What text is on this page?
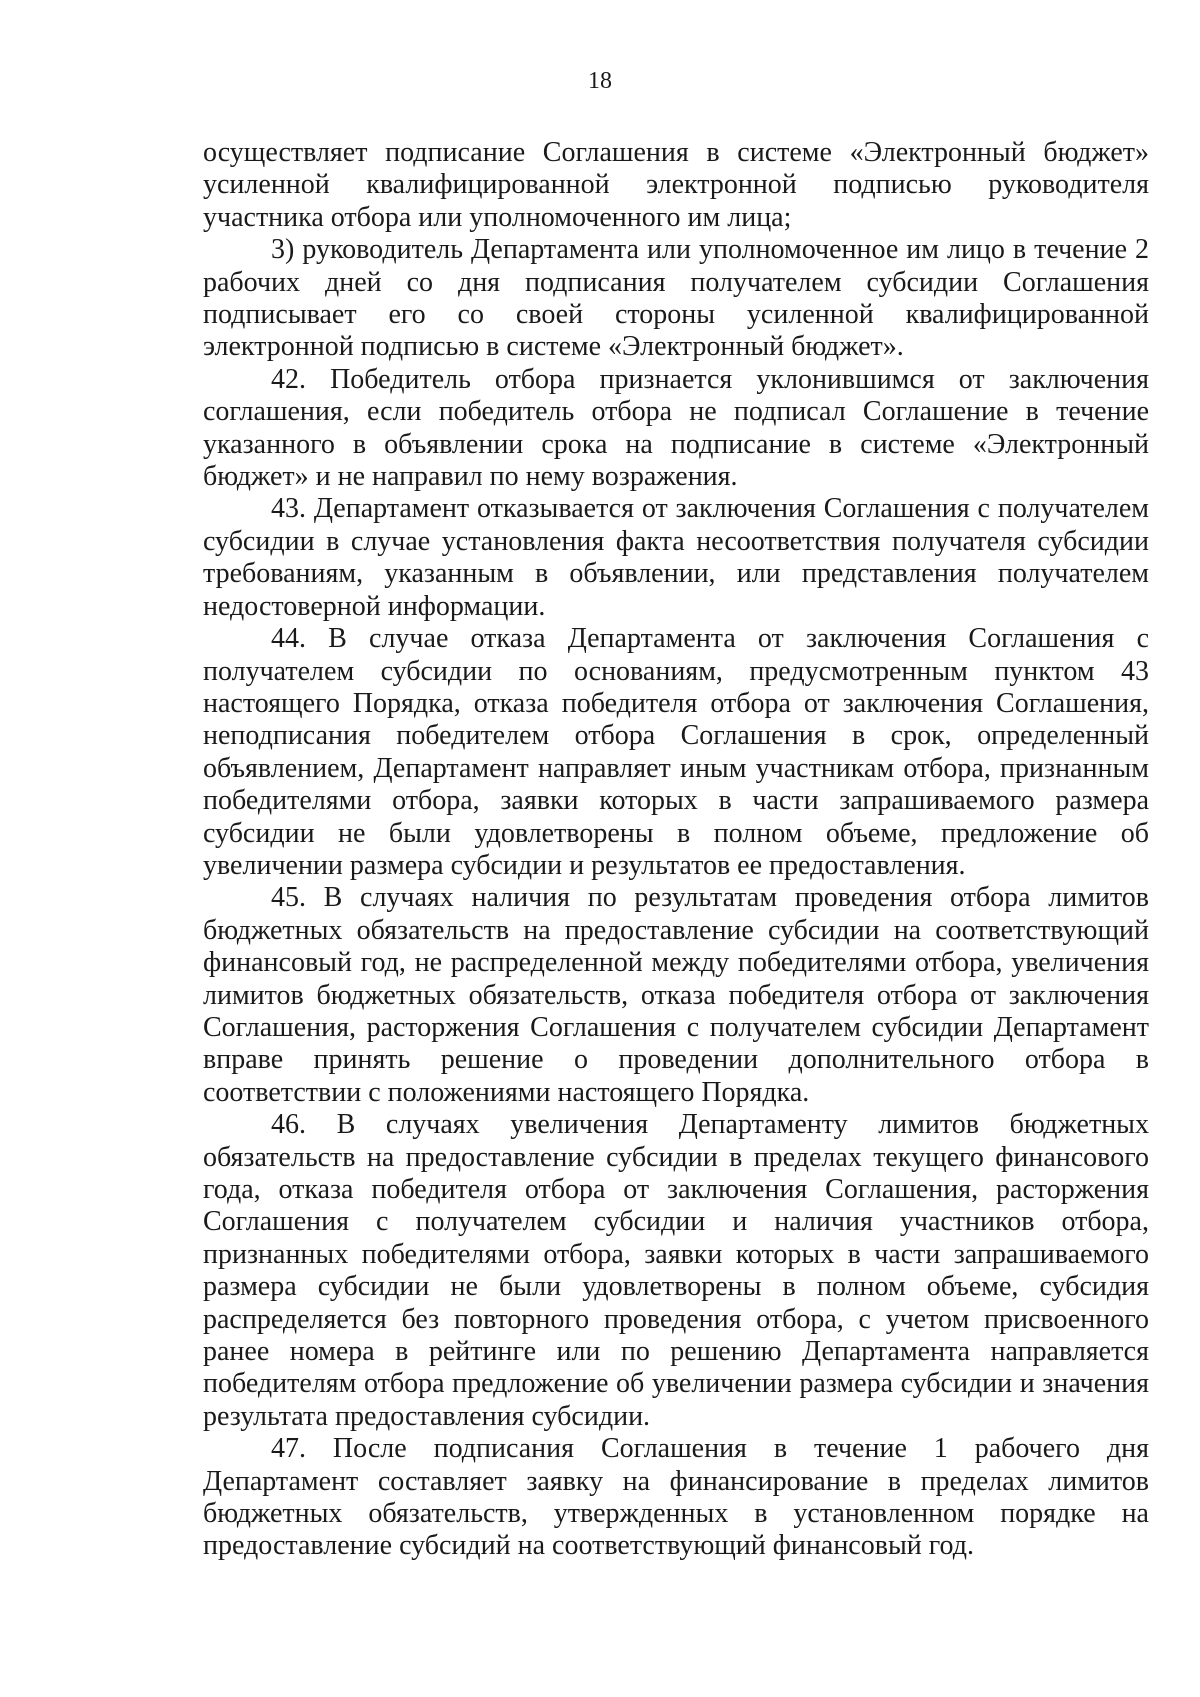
18

осуществляет подписание Соглашения в системе «Электронный бюджет» усиленной квалифицированной электронной подписью руководителя участника отбора или уполномоченного им лица;

3) руководитель Департамента или уполномоченное им лицо в течение 2 рабочих дней со дня подписания получателем субсидии Соглашения подписывает его со своей стороны усиленной квалифицированной электронной подписью в системе «Электронный бюджет».

42. Победитель отбора признается уклонившимся от заключения соглашения, если победитель отбора не подписал Соглашение в течение указанного в объявлении срока на подписание в системе «Электронный бюджет» и не направил по нему возражения.

43. Департамент отказывается от заключения Соглашения с получателем субсидии в случае установления факта несоответствия получателя субсидии требованиям, указанным в объявлении, или представления получателем недостоверной информации.

44. В случае отказа Департамента от заключения Соглашения с получателем субсидии по основаниям, предусмотренным пунктом 43 настоящего Порядка, отказа победителя отбора от заключения Соглашения, неподписания победителем отбора Соглашения в срок, определенный объявлением, Департамент направляет иным участникам отбора, признанным победителями отбора, заявки которых в части запрашиваемого размера субсидии не были удовлетворены в полном объеме, предложение об увеличении размера субсидии и результатов ее предоставления.

45. В случаях наличия по результатам проведения отбора лимитов бюджетных обязательств на предоставление субсидии на соответствующий финансовый год, не распределенной между победителями отбора, увеличения лимитов бюджетных обязательств, отказа победителя отбора от заключения Соглашения, расторжения Соглашения с получателем субсидии Департамент вправе принять решение о проведении дополнительного отбора в соответствии с положениями настоящего Порядка.

46. В случаях увеличения Департаменту лимитов бюджетных обязательств на предоставление субсидии в пределах текущего финансового года, отказа победителя отбора от заключения Соглашения, расторжения Соглашения с получателем субсидии и наличия участников отбора, признанных победителями отбора, заявки которых в части запрашиваемого размера субсидии не были удовлетворены в полном объеме, субсидия распределяется без повторного проведения отбора, с учетом присвоенного ранее номера в рейтинге или по решению Департамента направляется победителям отбора предложение об увеличении размера субсидии и значения результата предоставления субсидии.

47. После подписания Соглашения в течение 1 рабочего дня Департамент составляет заявку на финансирование в пределах лимитов бюджетных обязательств, утвержденных в установленном порядке на предоставление субсидий на соответствующий финансовый год.
